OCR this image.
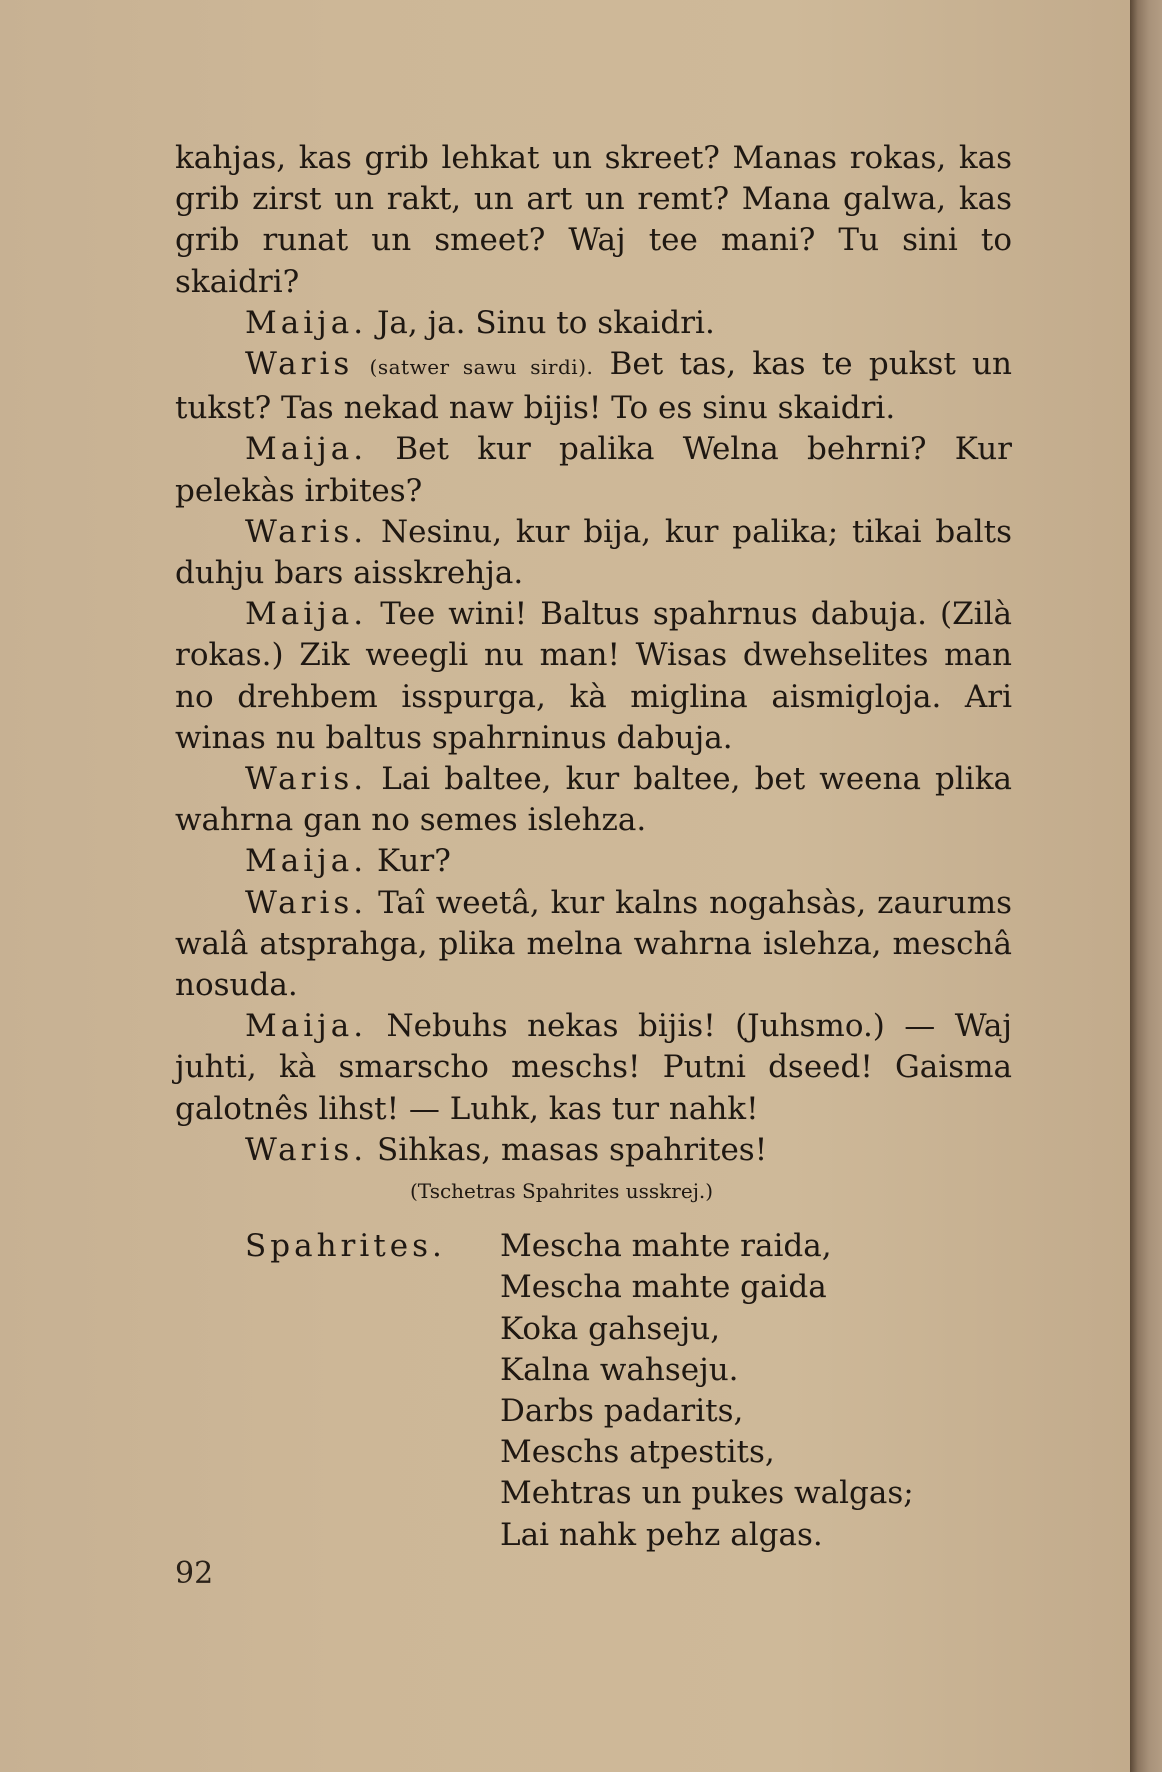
kahjas, kas grib lehkat un skreet? Manas rokas, kas grib zirst un rakt, un art un remt? Mana galwa, kas grib runat un smeet? Waj tee mani? Tu sini to skaidri?

Maija. Ja, ja. Sinu to skaidri.

Waris (satwer sawu sirdi). Bet tas, kas te pukst un tukst? Tas nekad naw bijis! To es sinu skaidri.

Maija. Bet kur palika Welna behrni? Kur pelekàs irbites?

Waris. Nesinu, kur bija, kur palika; tikai balts duhju bars aisskrehja.

Maija. Tee wini! Baltus spahrnus dabuja. (Zilà rokas.) Zik weegli nu man! Wisas dwehselites man no drehbem isspurga, kà miglina aismigloja. Ari winas nu baltus spahrninus dabuja.

Waris. Lai baltee, kur baltee, bet weena plika wahrna gan no semes islehza.

Maija. Kur?

Waris. Taî weetâ, kur kalns nogahsàs, zaurums walâ atsprahga, plika melna wahrna islehza, meschâ nosuda.

Maija. Nebuhs nekas bijis! (Juhsmo.) — Waj juhti, kà smarscho meschs! Putni dseed! Gaisma galotnês lihst! — Luhk, kas tur nahk!

Waris. Sihkas, masas spahrites!

(Tschetras Spahrites usskrej.)

Spahrites.	Mescha mahte raida,
Mescha mahte gaida
Koka gahseju,
Kalna wahseju.
Darbs padarits,
Meschs atpestits,
Mehtras un pukes walgas;
Lai nahk pehz algas.
92
